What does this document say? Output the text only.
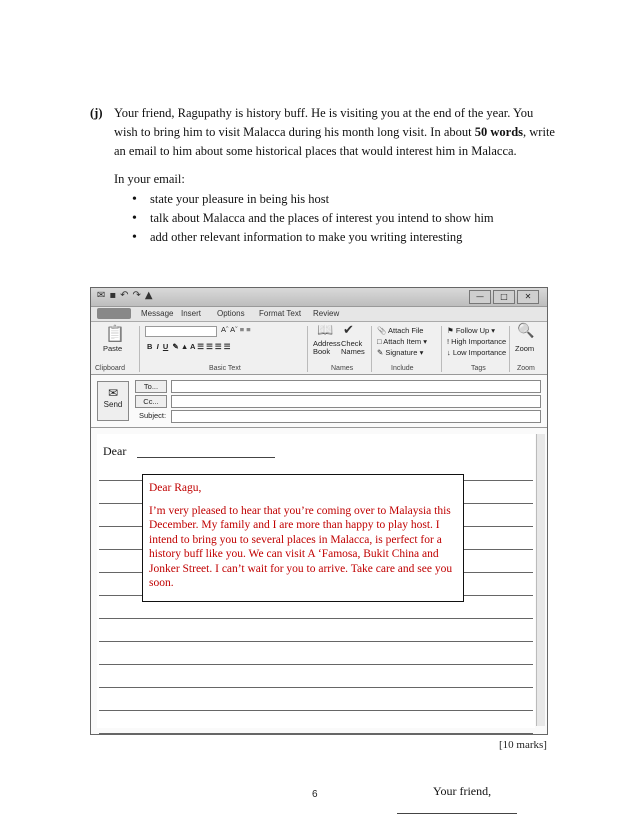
(j) Your friend, Ragupathy is history buff. He is visiting you at the end of the year. You wish to bring him to visit Malacca during his month long visit. In about 50 words, write an email to him about some historical places that would interest him in Malacca.
In your email:
• state your pleasure in being his host
• talk about Malacca and the places of interest you intend to show him
• add other relevant information to make you writing interesting
✉▪↶↷▲	—	□	✕
Message Insert Options Format Text Review
📋
Paste
Clipboard
Aˆ Aˇ ≡ ≡
B  I U  ✎ ▲ A ☰ ☰ ☰ ☰
Basic Text
📖 ✔
Address Book
Check Names
Names
📎 Attach File
□ Attach Item ▾
✎ Signature ▾
Include
⚑ Follow Up ▾
! High Importance
↓ Low Importance
Tags
🔍
Zoom
Zoom
✉
Send
To...
Cc...
Subject:
Dear
Your friend,
Dear Ragu,
I’m very pleased to hear that you’re coming over to Malaysia this December. My family and I are more than happy to play host. I intend to bring you to several places in Malacca, is perfect for a history buff like you. We can visit A ‘Famosa, Bukit China and Jonker Street. I can’t wait for you to arrive. Take care and see you soon.
[10 marks]
6
